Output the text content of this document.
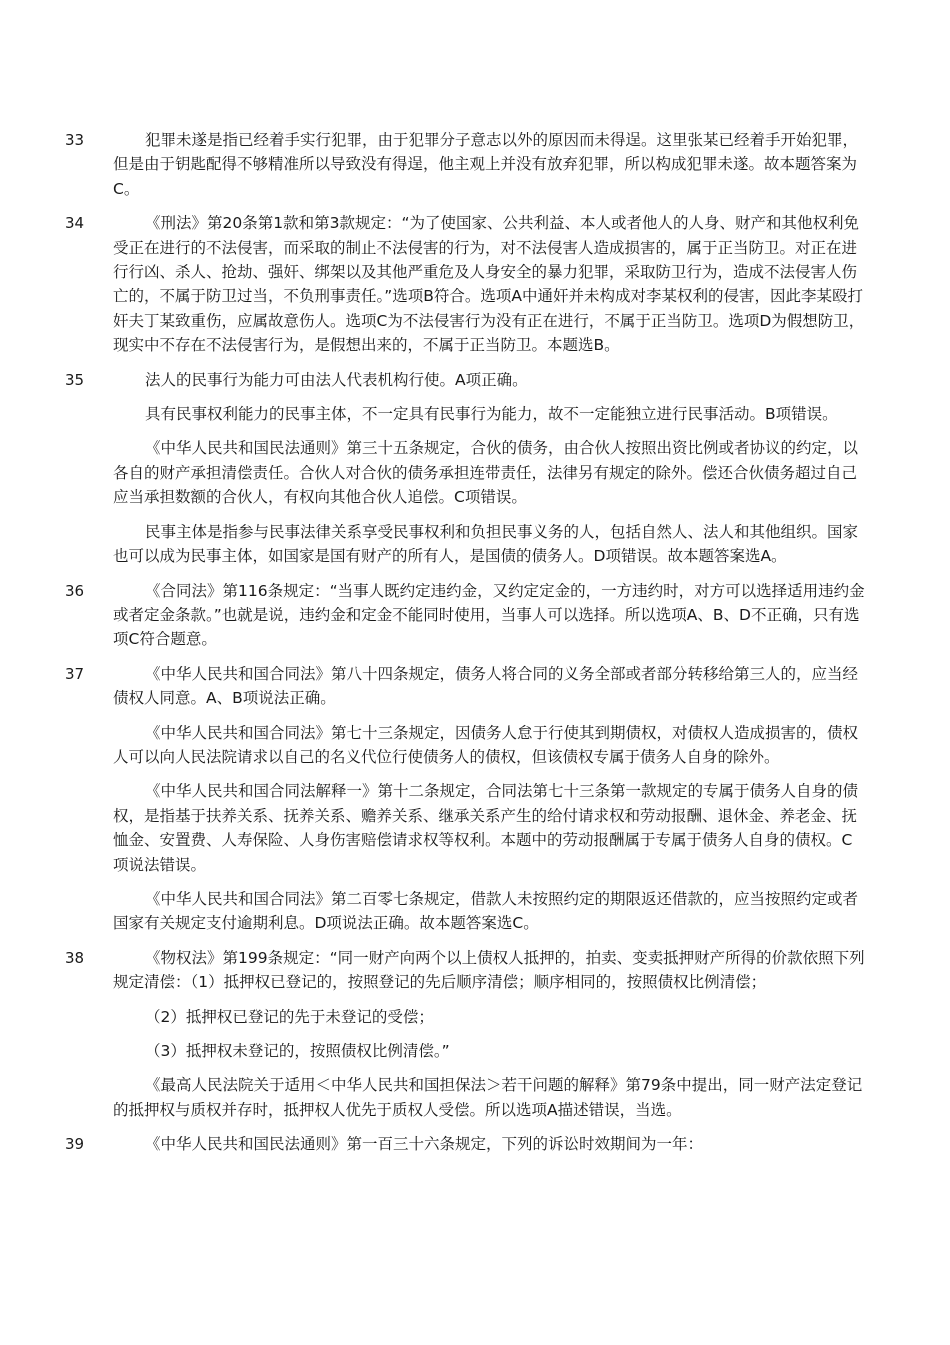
33	犯罪未遂是指已经着手实行犯罪，由于犯罪分子意志以外的原因而未得逞。这里张某已经着手开始犯罪，但是由于钥匙配得不够精准所以导致没有得逞，他主观上并没有放弃犯罪，所以构成犯罪未遂。故本题答案为C。

34	《刑法》第20条第1款和第3款规定：“为了使国家、公共利益、本人或者他人的人身、财产和其他权利免受正在进行的不法侵害，而采取的制止不法侵害的行为，对不法侵害人造成损害的，属于正当防卫。对正在进行行凶、杀人、抢劫、强奸、绑架以及其他严重危及人身安全的暴力犯罪，采取防卫行为，造成不法侵害人伤亡的，不属于防卫过当，不负刑事责任。”选项B符合。选项A中通奸并未构成对李某权利的侵害，因此李某殴打奸夫丁某致重伤，应属故意伤人。选项C为不法侵害行为没有正在进行，不属于正当防卫。选项D为假想防卫，现实中不存在不法侵害行为，是假想出来的，不属于正当防卫。本题选B。

35	法人的民事行为能力可由法人代表机构行使。A项正确。

具有民事权利能力的民事主体，不一定具有民事行为能力，故不一定能独立进行民事活动。B项错误。

《中华人民共和国民法通则》第三十五条规定，合伙的债务，由合伙人按照出资比例或者协议的约定，以各自的财产承担清偿责任。合伙人对合伙的债务承担连带责任，法律另有规定的除外。偿还合伙债务超过自己应当承担数额的合伙人，有权向其他合伙人追偿。C项错误。

民事主体是指参与民事法律关系享受民事权利和负担民事义务的人，包括自然人、法人和其他组织。国家也可以成为民事主体，如国家是国有财产的所有人，是国债的债务人。D项错误。故本题答案选A。

36	《合同法》第116条规定：“当事人既约定违约金，又约定定金的，一方违约时，对方可以选择适用违约金或者定金条款。”也就是说，违约金和定金不能同时使用，当事人可以选择。所以选项A、B、D不正确，只有选项C符合题意。

37	《中华人民共和国合同法》第八十四条规定，债务人将合同的义务全部或者部分转移给第三人的，应当经债权人同意。A、B项说法正确。

《中华人民共和国合同法》第七十三条规定，因债务人怠于行使其到期债权，对债权人造成损害的，债权人可以向人民法院请求以自己的名义代位行使债务人的债权，但该债权专属于债务人自身的除外。

《中华人民共和国合同法解释一》第十二条规定，合同法第七十三条第一款规定的专属于债务人自身的债权，是指基于扶养关系、抚养关系、赡养关系、继承关系产生的给付请求权和劳动报酬、退休金、养老金、抚恤金、安置费、人寿保险、人身伤害赔偿请求权等权利。本题中的劳动报酬属于专属于债务人自身的债权。C项说法错误。

《中华人民共和国合同法》第二百零七条规定，借款人未按照约定的期限返还借款的，应当按照约定或者国家有关规定支付逾期利息。D项说法正确。故本题答案选C。

38	《物权法》第199条规定：“同一财产向两个以上债权人抵押的，拍卖、变卖抵押财产所得的价款依照下列规定清偿：（1）抵押权已登记的，按照登记的先后顺序清偿；顺序相同的，按照债权比例清偿；

（2）抵押权已登记的先于未登记的受偿；

（3）抵押权未登记的，按照债权比例清偿。”

《最高人民法院关于适用＜中华人民共和国担保法＞若干问题的解释》第79条中提出，同一财产法定登记的抵押权与质权并存时，抵押权人优先于质权人受偿。所以选项A描述错误，当选。

39	《中华人民共和国民法通则》第一百三十六条规定，下列的诉讼时效期间为一年：
